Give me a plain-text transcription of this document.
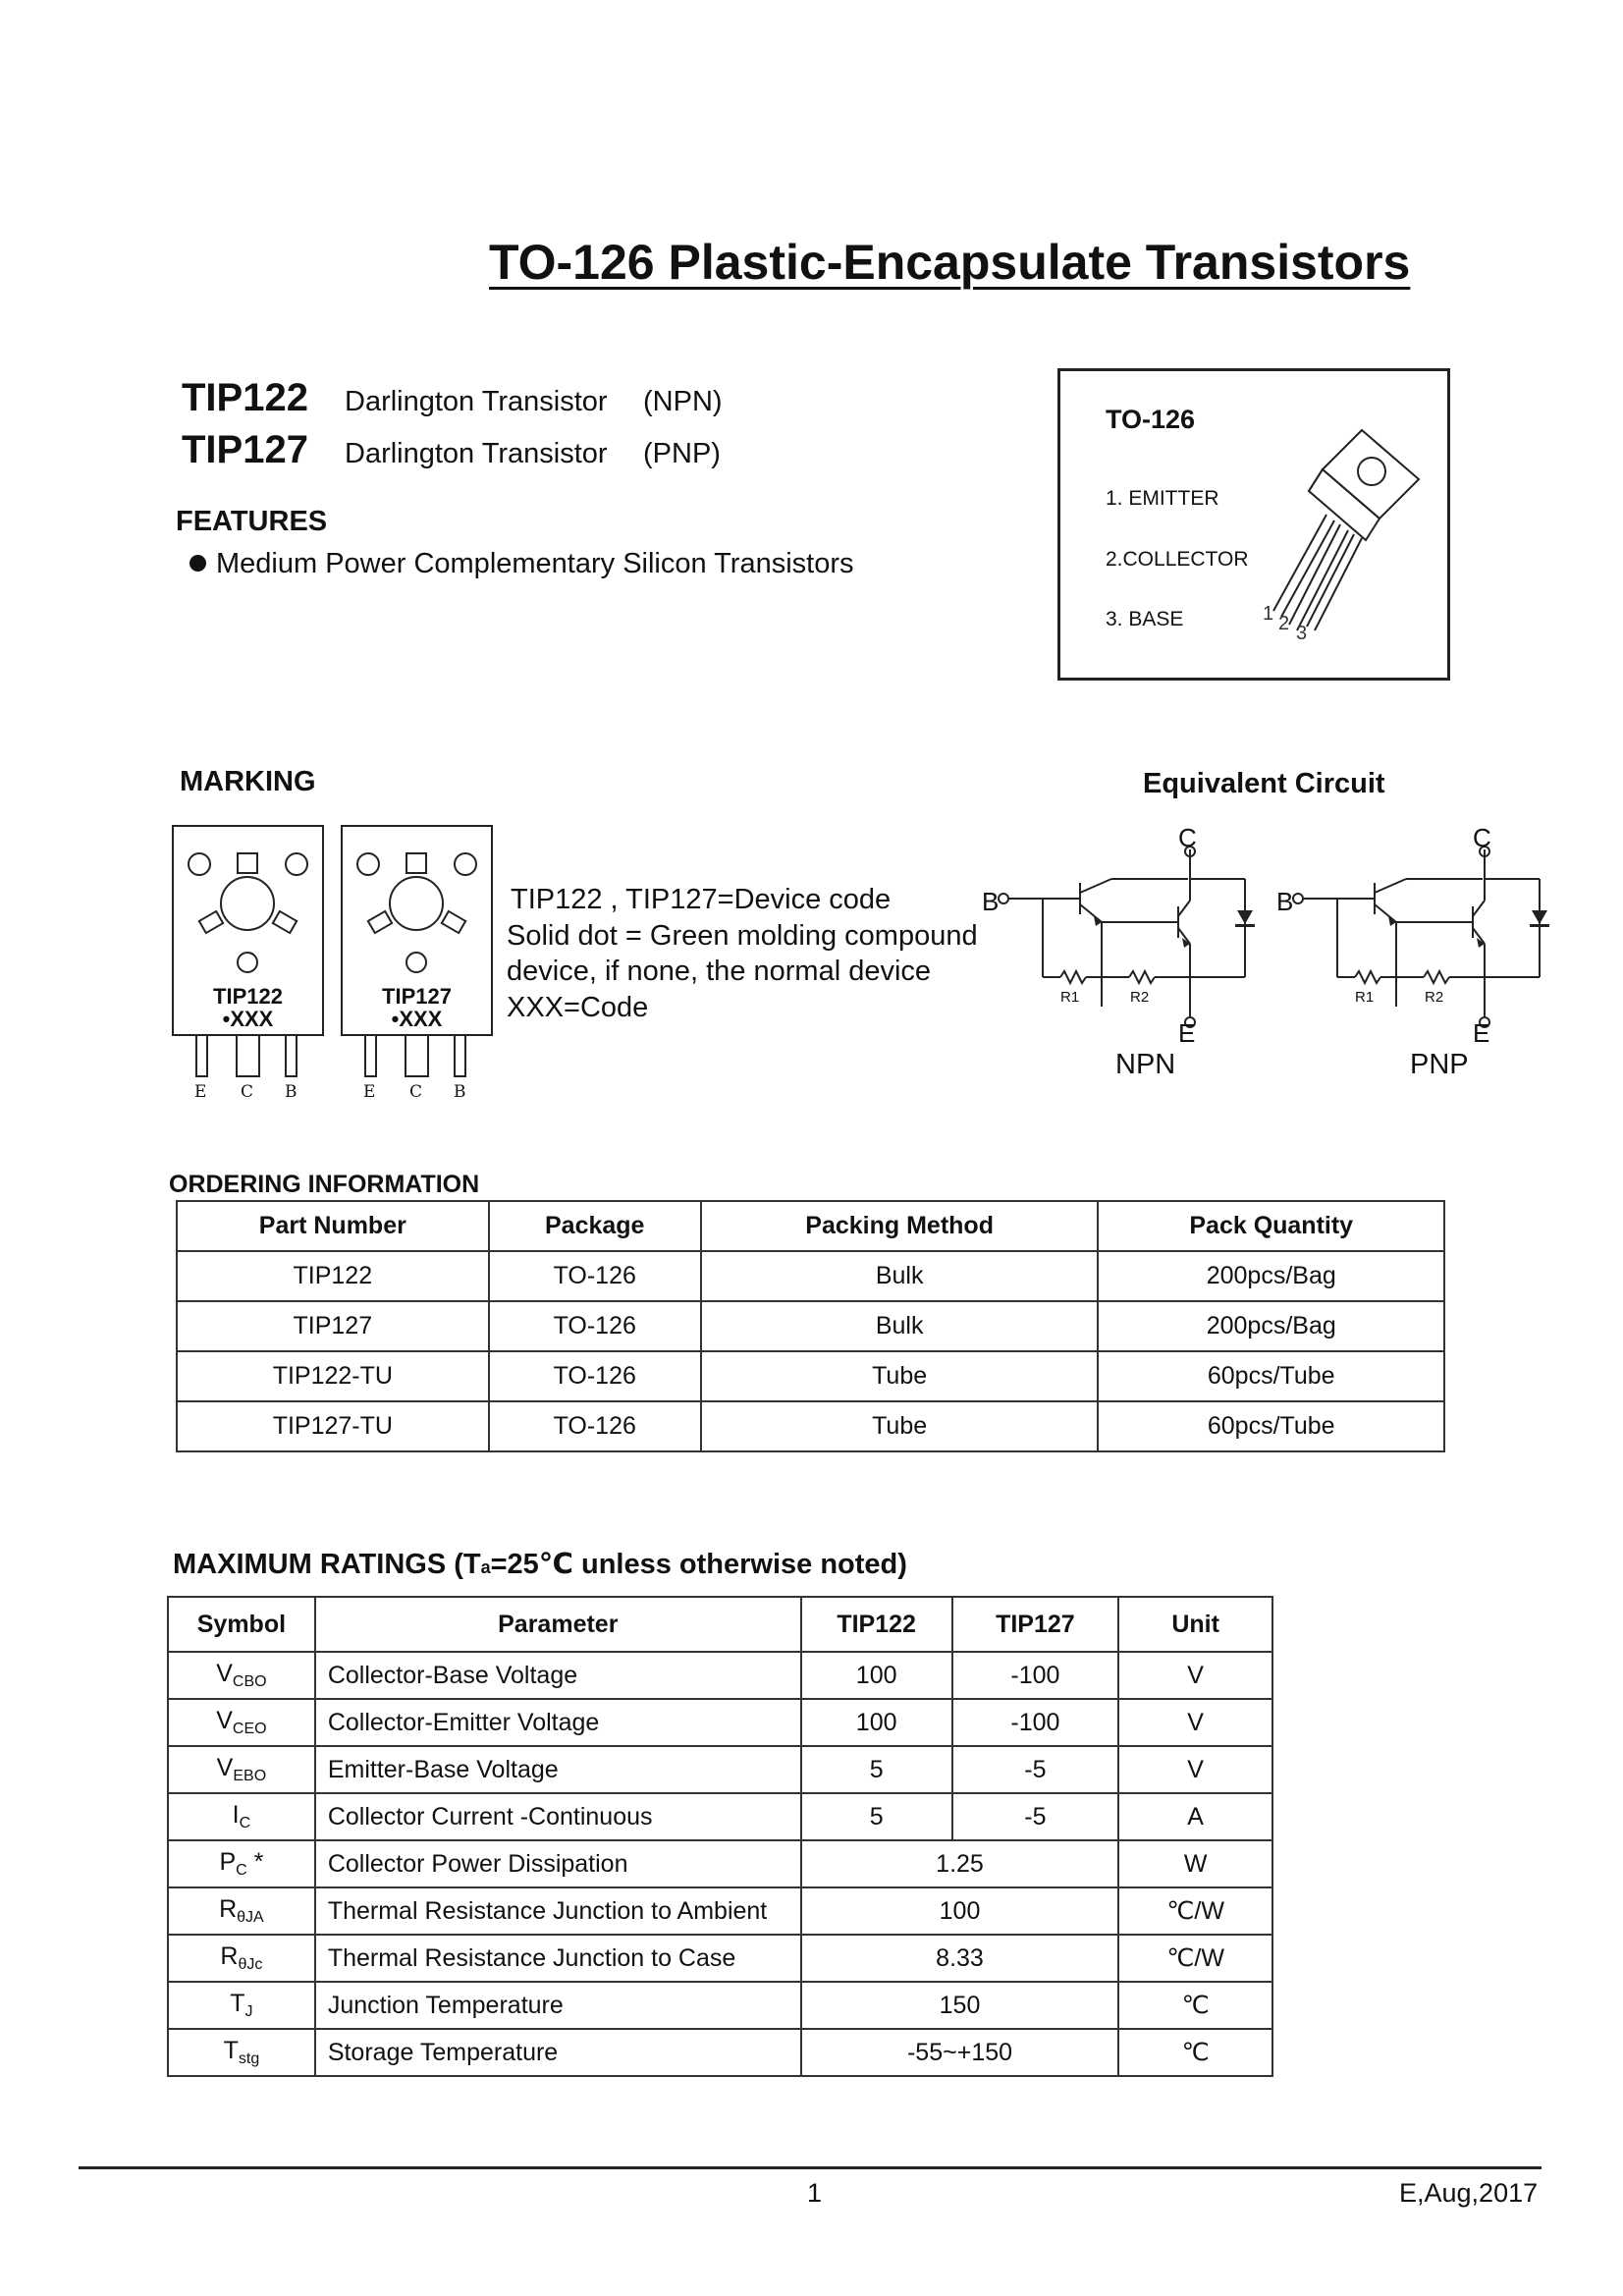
TO-126 Plastic-Encapsulate Transistors
TIP122 Darlington Transistor (NPN)
TIP127 Darlington Transistor (PNP)
FEATURES
Medium Power Complementary Silicon Transistors
TO-126
1. EMITTER
2.COLLECTOR
3. BASE	1 2 3
MARKING
TIP122
•XXX
E C B
TIP127
•XXX
E C B
TIP122 , TIP127=Device code
Solid dot = Green molding compound
device, if none, the normal device
XXX=Code
Equivalent Circuit
C
B
E
R1	R2
NPN
C
B
E
R1	R2
PNP
ORDERING INFORMATION
Part Number	Package	Packing Method	Pack Quantity
TIP122	TO-126	Bulk	200pcs/Bag
TIP127	TO-126	Bulk	200pcs/Bag
TIP122-TU	TO-126	Tube	60pcs/Tube
TIP127-TU	TO-126	Tube	60pcs/Tube
MAXIMUM RATINGS (Ta=25℃ unless otherwise noted)
Symbol	Parameter	TIP122	TIP127	Unit
$V_{CBO}$	Collector-Base Voltage	100	-100	V
$V_{CEO}$	Collector-Emitter Voltage	100	-100	V
$V_{EBO}$	Emitter-Base Voltage	5	-5	V
$I_C$	Collector Current -Continuous	5	-5	A
$P_C$ *	Collector Power Dissipation	1.25		W
$R_{\theta JA}$	Thermal Resistance Junction to Ambient	100		℃/W
$R_{\theta Jc}$	Thermal Resistance Junction to Case	8.33		℃/W
$T_J$	Junction Temperature	150		℃
$T_{stg}$	Storage Temperature	-55~+150		℃
1	E,Aug,2017
